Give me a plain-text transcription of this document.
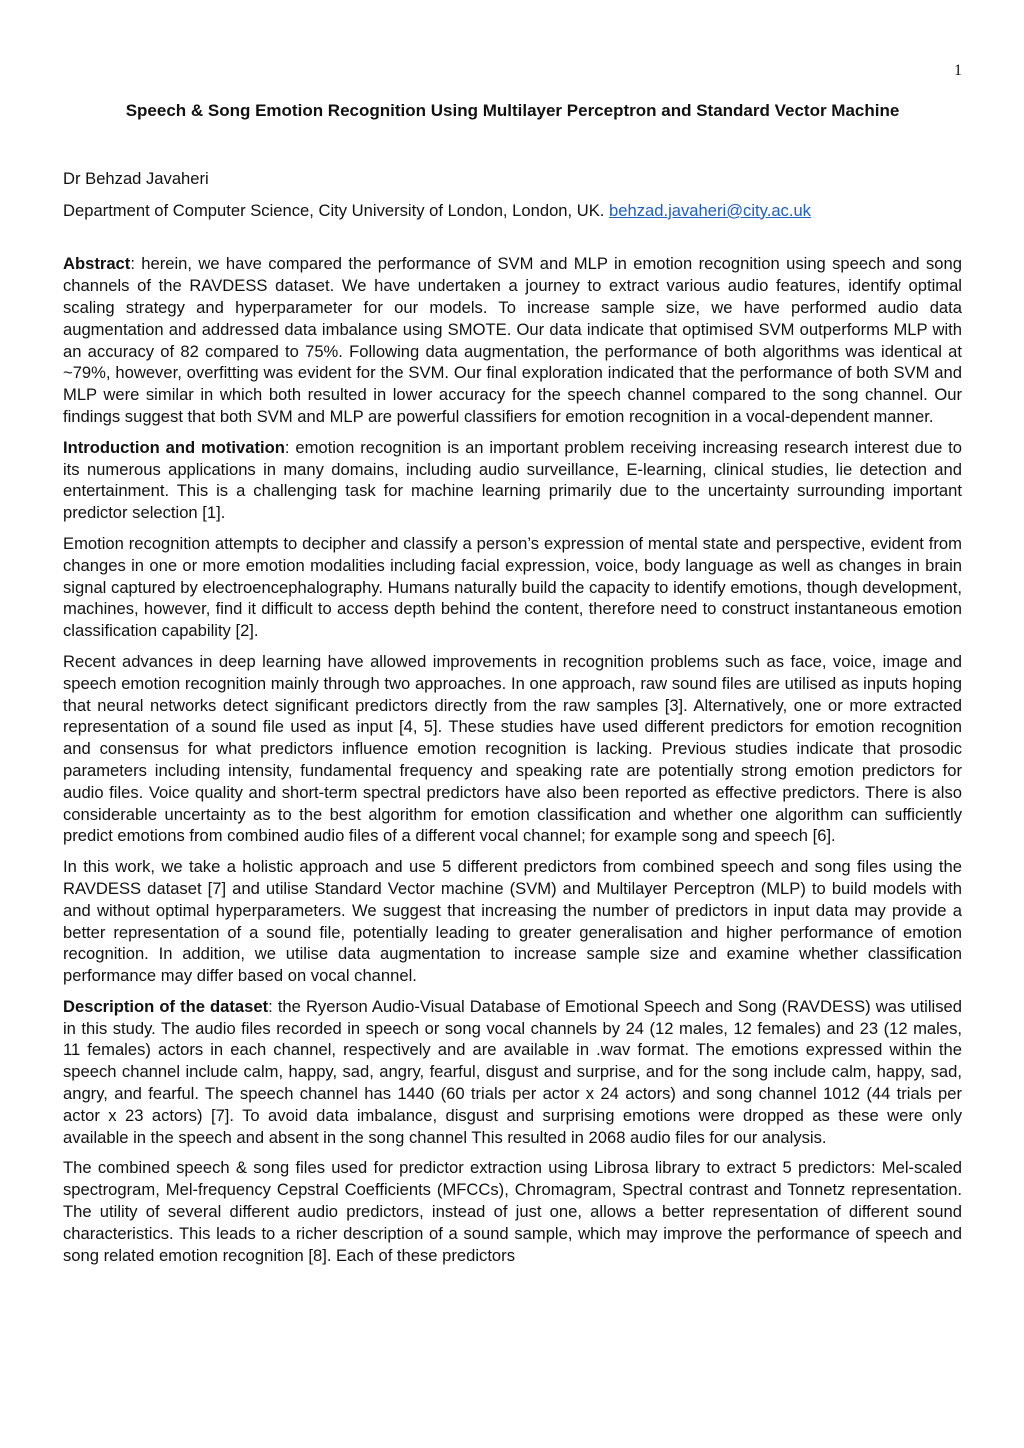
1
Speech & Song Emotion Recognition Using Multilayer Perceptron and Standard Vector Machine
Dr Behzad Javaheri
Department of Computer Science, City University of London, London, UK. behzad.javaheri@city.ac.uk

Abstract: herein, we have compared the performance of SVM and MLP in emotion recognition using speech and song channels of the RAVDESS dataset. We have undertaken a journey to extract various audio features, identify optimal scaling strategy and hyperparameter for our models. To increase sample size, we have performed audio data augmentation and addressed data imbalance using SMOTE. Our data indicate that optimised SVM outperforms MLP with an accuracy of 82 compared to 75%. Following data augmentation, the performance of both algorithms was identical at ~79%, however, overfitting was evident for the SVM. Our final exploration indicated that the performance of both SVM and MLP were similar in which both resulted in lower accuracy for the speech channel compared to the song channel. Our findings suggest that both SVM and MLP are powerful classifiers for emotion recognition in a vocal-dependent manner.

Introduction and motivation: emotion recognition is an important problem receiving increasing research interest due to its numerous applications in many domains, including audio surveillance, E-learning, clinical studies, lie detection and entertainment. This is a challenging task for machine learning primarily due to the uncertainty surrounding important predictor selection [1].

Emotion recognition attempts to decipher and classify a person’s expression of mental state and perspective, evident from changes in one or more emotion modalities including facial expression, voice, body language as well as changes in brain signal captured by electroencephalography. Humans naturally build the capacity to identify emotions, though development, machines, however, find it difficult to access depth behind the content, therefore need to construct instantaneous emotion classification capability [2].

Recent advances in deep learning have allowed improvements in recognition problems such as face, voice, image and speech emotion recognition mainly through two approaches. In one approach, raw sound files are utilised as inputs hoping that neural networks detect significant predictors directly from the raw samples [3]. Alternatively, one or more extracted representation of a sound file used as input [4, 5]. These studies have used different predictors for emotion recognition and consensus for what predictors influence emotion recognition is lacking. Previous studies indicate that prosodic parameters including intensity, fundamental frequency and speaking rate are potentially strong emotion predictors for audio files. Voice quality and short-term spectral predictors have also been reported as effective predictors. There is also considerable uncertainty as to the best algorithm for emotion classification and whether one algorithm can sufficiently predict emotions from combined audio files of a different vocal channel; for example song and speech [6].

In this work, we take a holistic approach and use 5 different predictors from combined speech and song files using the RAVDESS dataset [7] and utilise Standard Vector machine (SVM) and Multilayer Perceptron (MLP) to build models with and without optimal hyperparameters. We suggest that increasing the number of predictors in input data may provide a better representation of a sound file, potentially leading to greater generalisation and higher performance of emotion recognition. In addition, we utilise data augmentation to increase sample size and examine whether classification performance may differ based on vocal channel.

Description of the dataset: the Ryerson Audio-Visual Database of Emotional Speech and Song (RAVDESS) was utilised in this study. The audio files recorded in speech or song vocal channels by 24 (12 males, 12 females) and 23 (12 males, 11 females) actors in each channel, respectively and are available in .wav format. The emotions expressed within the speech channel include calm, happy, sad, angry, fearful, disgust and surprise, and for the song include calm, happy, sad, angry, and fearful. The speech channel has 1440 (60 trials per actor x 24 actors) and song channel 1012 (44 trials per actor x 23 actors) [7]. To avoid data imbalance, disgust and surprising emotions were dropped as these were only available in the speech and absent in the song channel This resulted in 2068 audio files for our analysis.

The combined speech & song files used for predictor extraction using Librosa library to extract 5 predictors: Mel-scaled spectrogram, Mel-frequency Cepstral Coefficients (MFCCs), Chromagram, Spectral contrast and Tonnetz representation. The utility of several different audio predictors, instead of just one, allows a better representation of different sound characteristics. This leads to a richer description of a sound sample, which may improve the performance of speech and song related emotion recognition [8]. Each of these predictors
